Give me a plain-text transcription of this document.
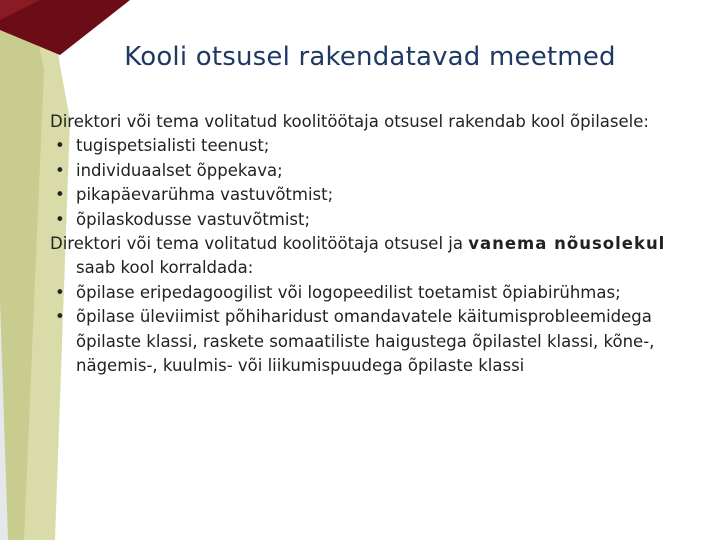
Kooli otsusel rakendatavad meetmed

Direktori või tema volitatud koolitöötaja otsusel rakendab kool õpilasele:

• tugispetsialisti teenust;
• individuaalset õppekava;
• pikapäevarühma vastuvõtmist;
• õpilaskodusse vastuvõtmist;

Direktori või tema volitatud koolitöötaja otsusel ja vanema nõusolekul saab kool korraldada:

• õpilase eripedagoogilist või logopeedilist toetamist õpiabirühmas;
• õpilase üleviimist põhiharidust omandavatele käitumisprobleemidega õpilaste klassi, raskete somaatiliste haigustega õpilastel klassi, kõne-, nägemis-, kuulmis- või liikumispuudega õpilaste klassi
